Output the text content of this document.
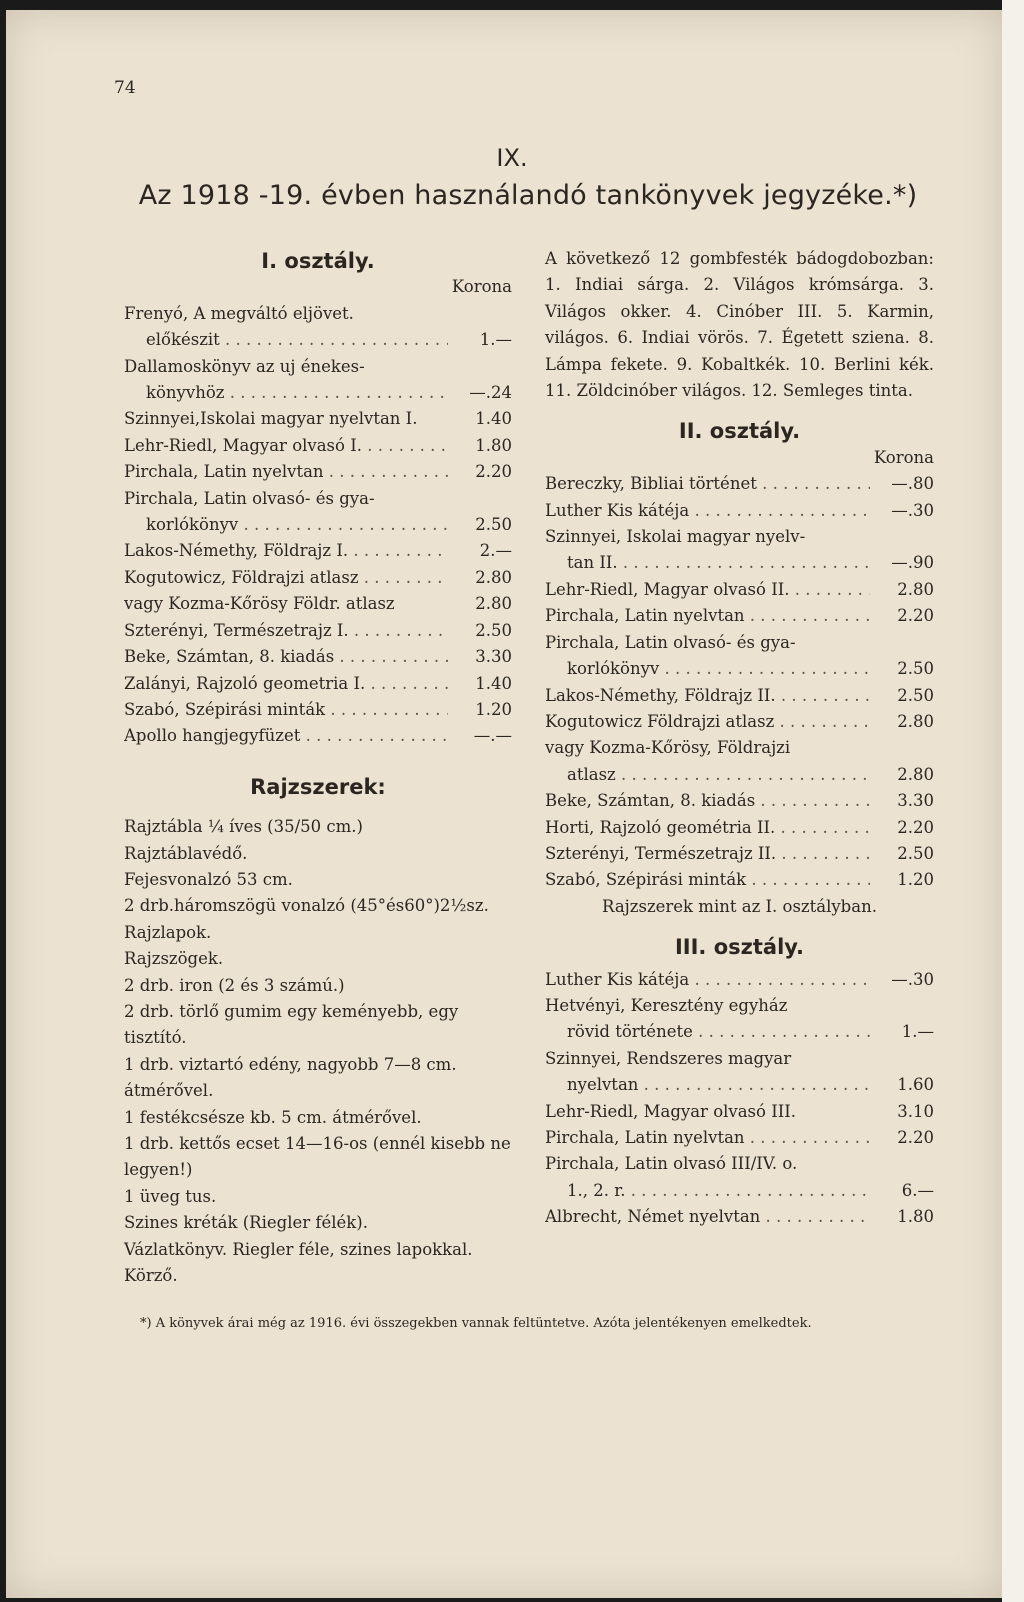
74
IX.
Az 1918 -19. évben használandó tankönyvek jegyzéke.*)
I. osztály.
Korona
Frenyó, A megváltó eljövet.
előkészit . . .	1.—
Dallamoskönyv az uj énekes-
könyvhöz . . .	—.24
Szinnyei,Iskolai magyar nyelvtan I.	1.40
Lehr-Riedl, Magyar olvasó I. . . .	1.80
Pirchala, Latin nyelvtan . . .	2.20
Pirchala, Latin olvasó- és gya-
korlókönyv . . .	2.50
Lakos-Némethy, Földrajz I. . . .	2.—
Kogutowicz, Földrajzi atlasz . . .	2.80
vagy Kozma-Kőrösy Földr. atlasz	2.80
Szterényi, Természetrajz I. . . .	2.50
Beke, Számtan, 8. kiadás . . .	3.30
Zalányi, Rajzoló geometria I. . . .	1.40
Szabó, Szépirási minták . . .	1.20
Apollo hangjegyfüzet . . .	—.—
Rajzszerek:
Rajztábla ¼ íves (35/50 cm.)
Rajztáblavédő.
Fejesvonalzó 53 cm.
2 drb.háromszögü vonalzó (45°és60°)2½sz.
Rajzlapok.
Rajzszögek.
2 drb. iron (2 és 3 számú.)
2 drb. törlő gumim egy keményebb, egy tisztító.
1 drb. viztartó edény, nagyobb 7—8 cm. átmérővel.
1 festékcsésze kb. 5 cm. átmérővel.
1 drb. kettős ecset 14—16-os (ennél kisebb ne legyen!)
1 üveg tus.
Szines kréták (Riegler félék).
Vázlatkönyv. Riegler féle, szines lapokkal.
Körző.
A következő 12 gombfesték bádogdobozban: 1. Indiai sárga. 2. Világos krómsárga. 3. Világos okker. 4. Cinóber III. 5. Karmin, világos. 6. Indiai vörös. 7. Égetett sziena. 8. Lámpa fekete. 9. Kobaltkék. 10. Berlini kék. 11. Zöldcinóber világos. 12. Semleges tinta.
II. osztály.
Korona
Bereczky, Bibliai történet . . .	—.80
Luther Kis kátéja . . .	—.30
Szinnyei, Iskolai magyar nyelv-
tan II. . . .	—.90
Lehr-Riedl, Magyar olvasó II. . . .	2.80
Pirchala, Latin nyelvtan . . .	2.20
Pirchala, Latin olvasó- és gya-
korlókönyv . . .	2.50
Lakos-Némethy, Földrajz II. . . .	2.50
Kogutowicz Földrajzi atlasz . . .	2.80
vagy Kozma-Kőrösy, Földrajzi
atlasz . . .	2.80
Beke, Számtan, 8. kiadás . . .	3.30
Horti, Rajzoló geométria II. . . .	2.20
Szterényi, Természetrajz II. . . .	2.50
Szabó, Szépirási minták . . .	1.20
Rajzszerek mint az I. osztályban.
III. osztály.
Luther Kis kátéja . . .	—.30
Hetvényi, Keresztény egyház
rövid története . . .	1.—
Szinnyei, Rendszeres magyar
nyelvtan . . .	1.60
Lehr-Riedl, Magyar olvasó III.	3.10
Pirchala, Latin nyelvtan . . .	2.20
Pirchala, Latin olvasó III/IV. o.
1., 2. r. . . .	6.—
Albrecht, Német nyelvtan . . .	1.80
*) A könyvek árai még az 1916. évi összegekben vannak feltüntetve. Azóta jelentékenyen emelkedtek.
